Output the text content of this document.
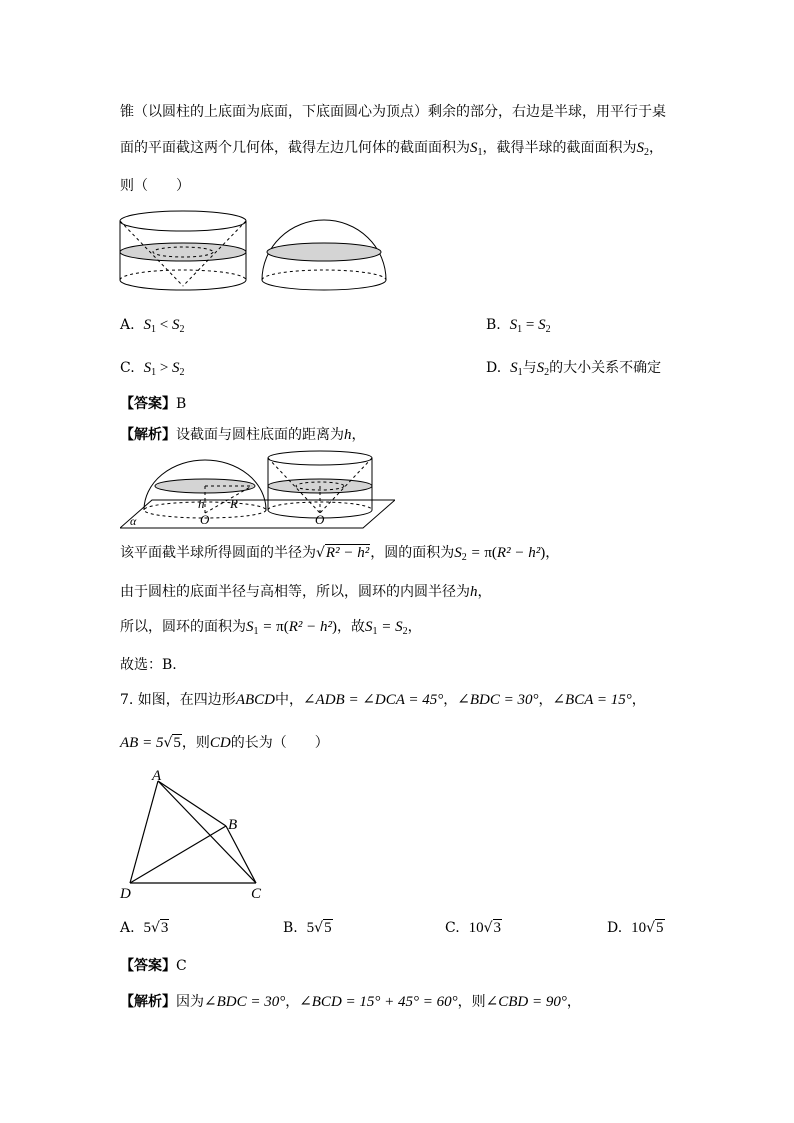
锥（以圆柱的上底面为底面，下底面圆心为顶点）剩余的部分，右边是半球，用平行于桌
面的平面截这两个几何体，截得左边几何体的截面面积为$S_1$，截得半球的截面面积为$S_2$，
则（　　）
A. $S_1 < S_2$	B. $S_1 = S_2$
C. $S_1 > S_2$	D. $S_1$与$S_2$的大小关系不确定
【答案】B
【解析】设截面与圆柱底面的距离为h，
h R
O	O
α
该平面截半球所得圆面的半径为√R² − h²，圆的面积为$S_2 = \pi(R^2 - h^2)$，
由于圆柱的底面半径与高相等，所以，圆环的内圆半径为h，
所以，圆环的面积为$S_1 = \pi(R^2 - h^2)$，故$S_1 = S_2$，
故选：B.
7. 如图，在四边形ABCD中，∠ADB = ∠DCA = 45°，∠BDC = 30°，∠BCA = 15°，
AB = 5√5，则CD的长为（　　）
A
B
C
D
A. 5√3	B. 5√5	C. 10√3	D. 10√5
【答案】C
【解析】因为∠BDC = 30°，∠BCD = 15° + 45° = 60°，则∠CBD = 90°，
